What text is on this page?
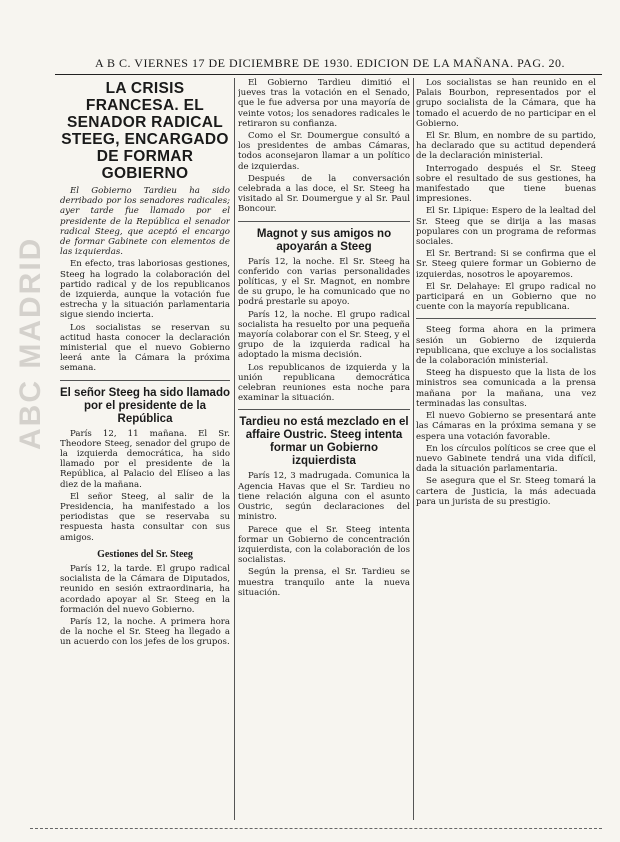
A B C. VIERNES 17 DE DICIEMBRE DE 1930. EDICION DE LA MAÑANA. PAG. 20.
ABC MADRID
LA CRISIS FRANCESA. EL SENADOR RADICAL STEEG, ENCARGADO DE FORMAR GOBIERNO

El Gobierno Tardieu ha sido derribado por los senadores radicales; ayer tarde fue llamado por el presidente de la República el senador radical Steeg, que aceptó el encargo de formar Gabinete con elementos de las izquierdas.

En efecto, tras laboriosas gestiones, Steeg ha logrado la colaboración del partido radical y de los republicanos de izquierda, aunque la votación fue estrecha y la situación parlamentaria sigue siendo incierta.

Los socialistas se reservan su actitud hasta conocer la declaración ministerial que el nuevo Gobierno leerá ante la Cámara la próxima semana.

El señor Steeg ha sido llamado por el presidente de la República

París 12, 11 mañana. El Sr. Theodore Steeg, senador del grupo de la izquierda democrática, ha sido llamado por el presidente de la República, al Palacio del Elíseo a las diez de la mañana.

El señor Steeg, al salir de la Presidencia, ha manifestado a los periodistas que se reservaba su respuesta hasta consultar con sus amigos.

Gestiones del Sr. Steeg

París 12, la tarde. El grupo radical socialista de la Cámara de Diputados, reunido en sesión extraordinaria, ha acordado apoyar al Sr. Steeg en la formación del nuevo Gobierno.

París 12, la noche. A primera hora de la noche el Sr. Steeg ha llegado a un acuerdo con los jefes de los grupos.

El Gobierno Tardieu dimitió el jueves tras la votación en el Senado, que le fue adversa por una mayoría de veinte votos; los senadores radicales le retiraron su confianza.

Como el Sr. Doumergue consultó a los presidentes de ambas Cámaras, todos aconsejaron llamar a un político de izquierdas.

Después de la conversación celebrada a las doce, el Sr. Steeg ha visitado al Sr. Doumergue y al Sr. Paul Boncour.

Magnot y sus amigos no apoyarán a Steeg

París 12, la noche. El Sr. Steeg ha conferido con varias personalidades políticas, y el Sr. Magnot, en nombre de su grupo, le ha comunicado que no podrá prestarle su apoyo.

París 12, la noche. El grupo radical socialista ha resuelto por una pequeña mayoría colaborar con el Sr. Steeg, y el grupo de la izquierda radical ha adoptado la misma decisión.

Los republicanos de izquierda y la unión republicana democrática celebran reuniones esta noche para examinar la situación.

Tardieu no está mezclado en el affaire Oustric. Steeg intenta formar un Gobierno izquierdista

París 12, 3 madrugada. Comunica la Agencia Havas que el Sr. Tardieu no tiene relación alguna con el asunto Oustric, según declaraciones del ministro.

Parece que el Sr. Steeg intenta formar un Gobierno de concentración izquierdista, con la colaboración de los socialistas.

Según la prensa, el Sr. Tardieu se muestra tranquilo ante la nueva situación.

Los socialistas se han reunido en el Palais Bourbon, representados por el grupo socialista de la Cámara, que ha tomado el acuerdo de no participar en el Gobierno.

El Sr. Blum, en nombre de su partido, ha declarado que su actitud dependerá de la declaración ministerial.

Interrogado después el Sr. Steeg sobre el resultado de sus gestiones, ha manifestado que tiene buenas impresiones.

El Sr. Lipique: Espero de la lealtad del Sr. Steeg que se dirija a las masas populares con un programa de reformas sociales.

El Sr. Bertrand: Si se confirma que el Sr. Steeg quiere formar un Gobierno de izquierdas, nosotros le apoyaremos.

El Sr. Delahaye: El grupo radical no participará en un Gobierno que no cuente con la mayoría republicana.

Steeg forma ahora en la primera sesión un Gobierno de izquierda republicana, que excluye a los socialistas de la colaboración ministerial.

Steeg ha dispuesto que la lista de los ministros sea comunicada a la prensa mañana por la mañana, una vez terminadas las consultas.

El nuevo Gobierno se presentará ante las Cámaras en la próxima semana y se espera una votación favorable.

En los círculos políticos se cree que el nuevo Gabinete tendrá una vida difícil, dada la situación parlamentaria.

Se asegura que el Sr. Steeg tomará la cartera de Justicia, la más adecuada para un jurista de su prestigio.
